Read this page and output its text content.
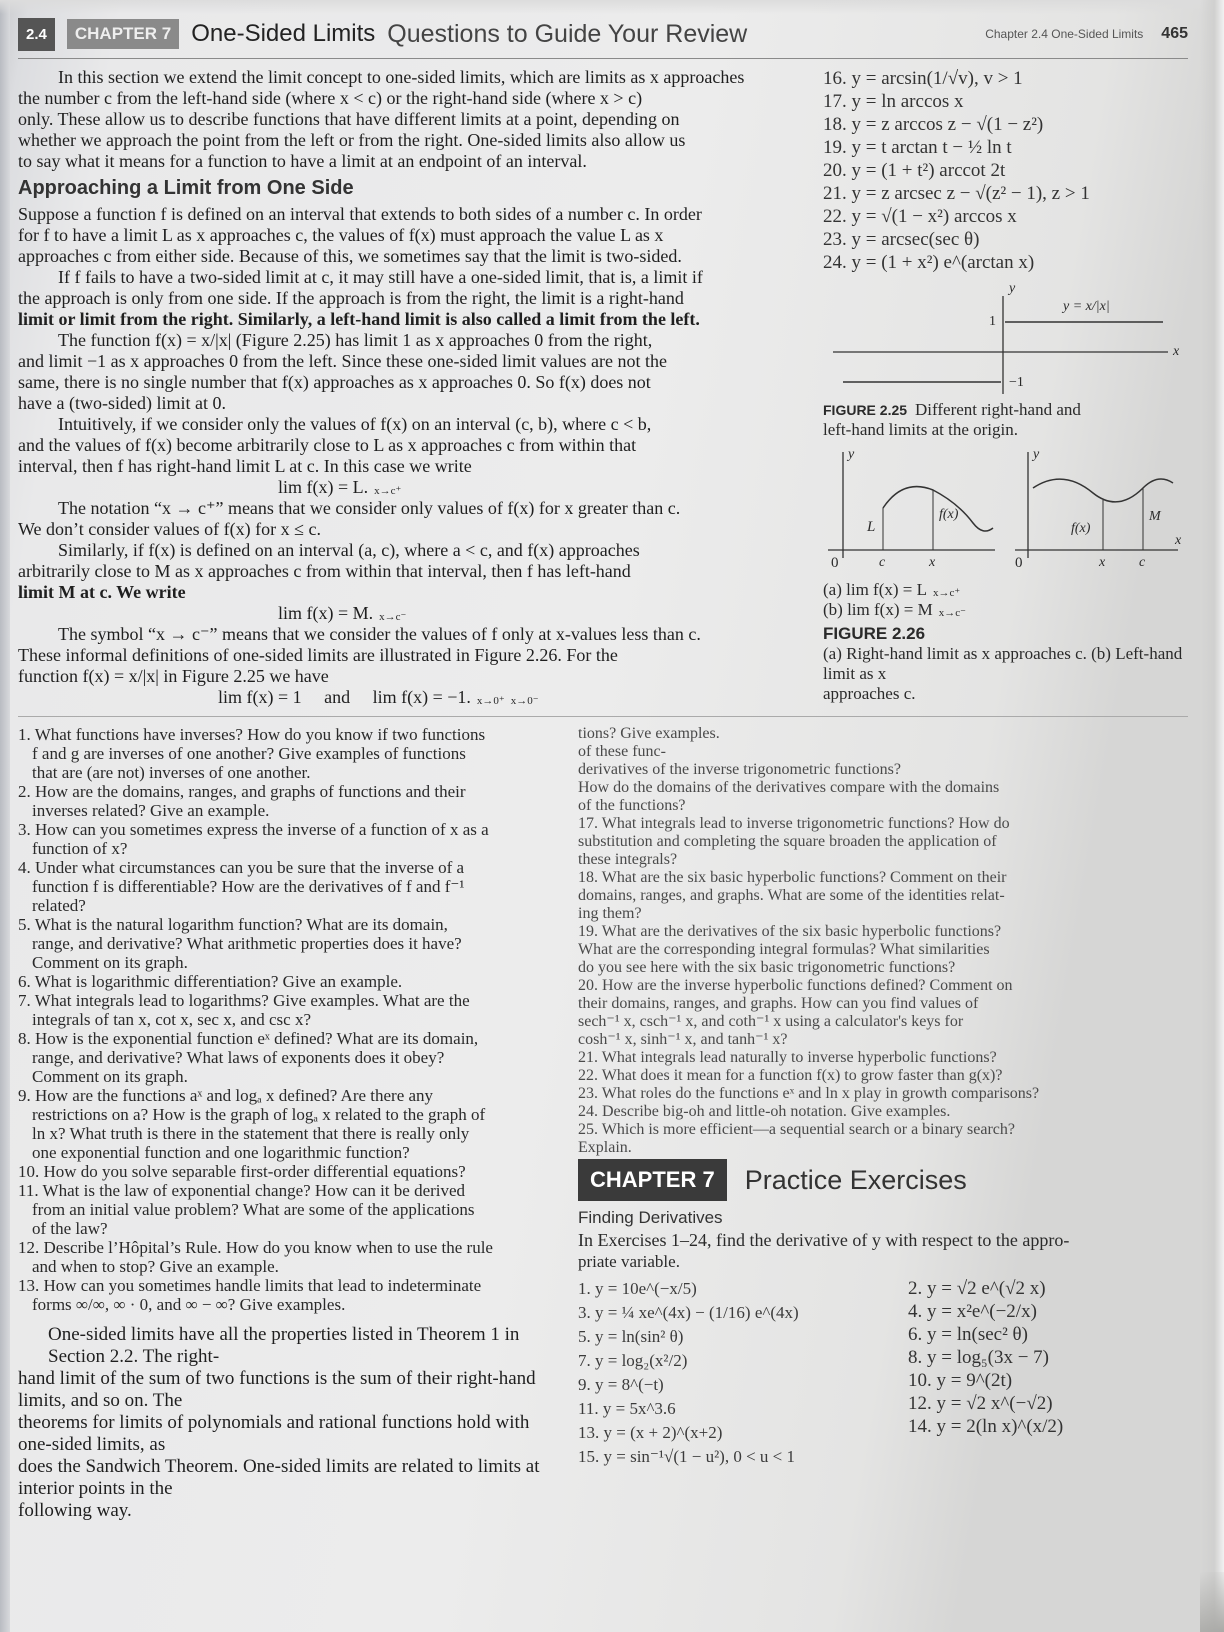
2.4	CHAPTER 7 One-Sided Limits Questions to Guide Your Review	Chapter 2.4 One-Sided Limits 465
In this section we extend the limit concept to one-sided limits, which are limits as x approaches
the number c from the left-hand side (where x < c) or the right-hand side (where x > c)
only. These allow us to describe functions that have different limits at a point, depending on
whether we approach the point from the left or from the right. One-sided limits also allow us
to say what it means for a function to have a limit at an endpoint of an interval.
Approaching a Limit from One Side
Suppose a function f is defined on an interval that extends to both sides of a number c. In order
for f to have a limit L as x approaches c, the values of f(x) must approach the value L as x
approaches c from either side. Because of this, we sometimes say that the limit is two-sided.
If f fails to have a two-sided limit at c, it may still have a one-sided limit, that is, a limit if
the approach is only from one side. If the approach is from the right, the limit is a right-hand
limit or limit from the right. Similarly, a left-hand limit is also called a limit from the left.
The function f(x) = x/|x| (Figure 2.25) has limit 1 as x approaches 0 from the right,
and limit −1 as x approaches 0 from the left. Since these one-sided limit values are not the
same, there is no single number that f(x) approaches as x approaches 0. So f(x) does not
have a (two-sided) limit at 0.
Intuitively, if we consider only the values of f(x) on an interval (c, b), where c < b,
and the values of f(x) become arbitrarily close to L as x approaches c from within that
interval, then f has right-hand limit L at c. In this case we write
lim f(x) = L. x→c⁺
The notation “x → c⁺” means that we consider only values of f(x) for x greater than c.
We don’t consider values of f(x) for x ≤ c.
Similarly, if f(x) is defined on an interval (a, c), where a < c, and f(x) approaches
arbitrarily close to M as x approaches c from within that interval, then f has left-hand
limit M at c. We write
lim f(x) = M. x→c⁻
The symbol “x → c⁻” means that we consider the values of f only at x-values less than c.
These informal definitions of one-sided limits are illustrated in Figure 2.26. For the
function f(x) = x/|x| in Figure 2.25 we have
lim f(x) = 1     and     lim f(x) = −1. x→0⁺ x→0⁻
16. y = arcsin(1/√v), v > 1
17. y = ln arccos x
18. y = z arccos z − √(1 − z²)
19. y = t arctan t − ½ ln t
20. y = (1 + t²) arccot 2t
21. y = z arcsec z − √(z² − 1), z > 1
22. y = √(1 − x²) arccos x
23. y = arcsec(sec θ)
24. y = (1 + x²) e^(arctan x)
y
y = x/|x|
1
x
−1
FIGURE 2.25 Different right-hand and
left-hand limits at the origin.
y
L
f(x)
0	c	x
y
0
f(x)
M
x c
x
(a) lim f(x) = L x→c⁺
(b) lim f(x) = M x→c⁻
FIGURE 2.26
(a) Right-hand limit as x approaches c. (b) Left-hand limit as x
approaches c.
1. What functions have inverses? How do you know if two functions
f and g are inverses of one another? Give examples of functions
that are (are not) inverses of one another.
2. How are the domains, ranges, and graphs of functions and their
inverses related? Give an example.
3. How can you sometimes express the inverse of a function of x as a
function of x?
4. Under what circumstances can you be sure that the inverse of a
function f is differentiable? How are the derivatives of f and f⁻¹
related?
5. What is the natural logarithm function? What are its domain,
range, and derivative? What arithmetic properties does it have?
Comment on its graph.
6. What is logarithmic differentiation? Give an example.
7. What integrals lead to logarithms? Give examples. What are the
integrals of tan x, cot x, sec x, and csc x?
8. How is the exponential function eˣ defined? What are its domain,
range, and derivative? What laws of exponents does it obey?
Comment on its graph.
9. How are the functions aˣ and logₐ x defined? Are there any
restrictions on a? How is the graph of logₐ x related to the graph of
ln x? What truth is there in the statement that there is really only
one exponential function and one logarithmic function?
10. How do you solve separable first-order differential equations?
11. What is the law of exponential change? How can it be derived
from an initial value problem? What are some of the applications
of the law?
12. Describe l’Hôpital’s Rule. How do you know when to use the rule
and when to stop? Give an example.
13. How can you sometimes handle limits that lead to indeterminate
forms ∞/∞, ∞ · 0, and ∞ − ∞? Give examples.
One-sided limits have all the properties listed in Theorem 1 in Section 2.2. The right-
hand limit of the sum of two functions is the sum of their right-hand limits, and so on. The
theorems for limits of polynomials and rational functions hold with one-sided limits, as
does the Sandwich Theorem. One-sided limits are related to limits at interior points in the
following way.
tions? Give examples.
of these func-
derivatives of the inverse trigonometric functions?
How do the domains of the derivatives compare with the domains
of the functions?
17. What integrals lead to inverse trigonometric functions? How do
substitution and completing the square broaden the application of
these integrals?
18. What are the six basic hyperbolic functions? Comment on their
domains, ranges, and graphs. What are some of the identities relat-
ing them?
19. What are the derivatives of the six basic hyperbolic functions?
What are the corresponding integral formulas? What similarities
do you see here with the six basic trigonometric functions?
20. How are the inverse hyperbolic functions defined? Comment on
their domains, ranges, and graphs. How can you find values of
sech⁻¹ x, csch⁻¹ x, and coth⁻¹ x using a calculator's keys for
cosh⁻¹ x, sinh⁻¹ x, and tanh⁻¹ x?
21. What integrals lead naturally to inverse hyperbolic functions?
22. What does it mean for a function f(x) to grow faster than g(x)?
23. What roles do the functions eˣ and ln x play in growth comparisons?
24. Describe big-oh and little-oh notation. Give examples.
25. Which is more efficient—a sequential search or a binary search?
Explain.
CHAPTER 7	Practice Exercises
Finding Derivatives
In Exercises 1–24, find the derivative of y with respect to the appro-
priate variable.
1. y = 10e^(−x/5)
3. y = ¼ xe^(4x) − (1/16) e^(4x)
5. y = ln(sin² θ)
7. y = log₂(x²/2)
9. y = 8^(−t)
11. y = 5x^3.6
13. y = (x + 2)^(x+2)
15. y = sin⁻¹√(1 − u²), 0 < u < 1
2. y = √2 e^(√2 x)
4. y = x²e^(−2/x)
6. y = ln(sec² θ)
8. y = log₅(3x − 7)
10. y = 9^(2t)
12. y = √2 x^(−√2)
14. y = 2(ln x)^(x/2)
